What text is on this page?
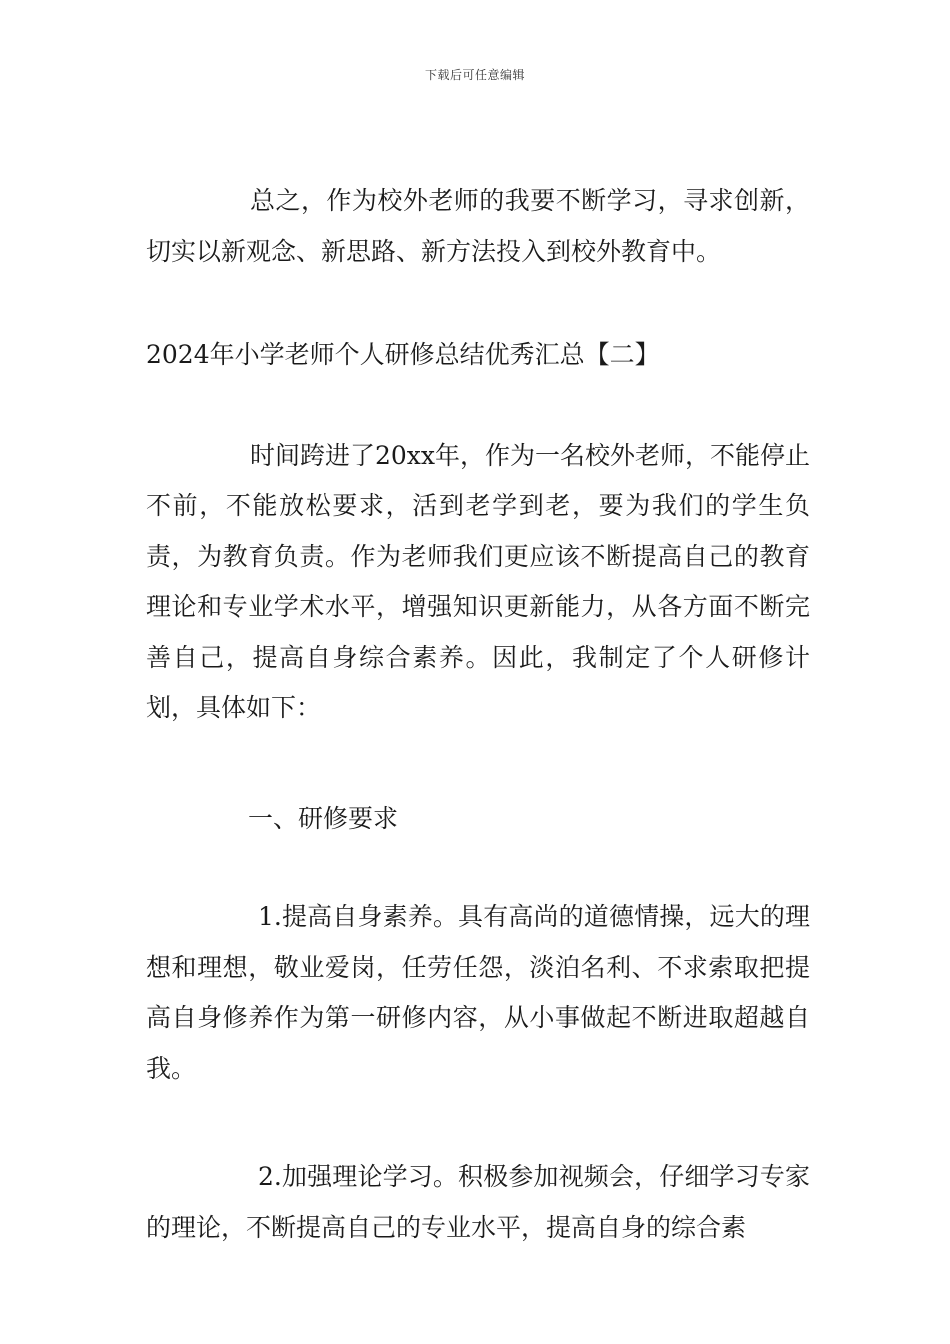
下载后可任意编辑

总之，作为校外老师的我要不断学习，寻求创新，切实以新观念、新思路、新方法投入到校外教育中。

2024年小学老师个人研修总结优秀汇总【二】

时间跨进了20xx年，作为一名校外老师，不能停止不前，不能放松要求，活到老学到老，要为我们的学生负责，为教育负责。作为老师我们更应该不断提高自己的教育理论和专业学术水平，增强知识更新能力，从各方面不断完善自己，提高自身综合素养。因此，我制定了个人研修计划，具体如下：

一、研修要求

1.提高自身素养。具有高尚的道德情操，远大的理想和理想，敬业爱岗，任劳任怨，淡泊名利、不求索取把提高自身修养作为第一研修内容，从小事做起不断进取超越自我。

2.加强理论学习。积极参加视频会，仔细学习专家的理论，不断提高自己的专业水平，提高自身的综合素
